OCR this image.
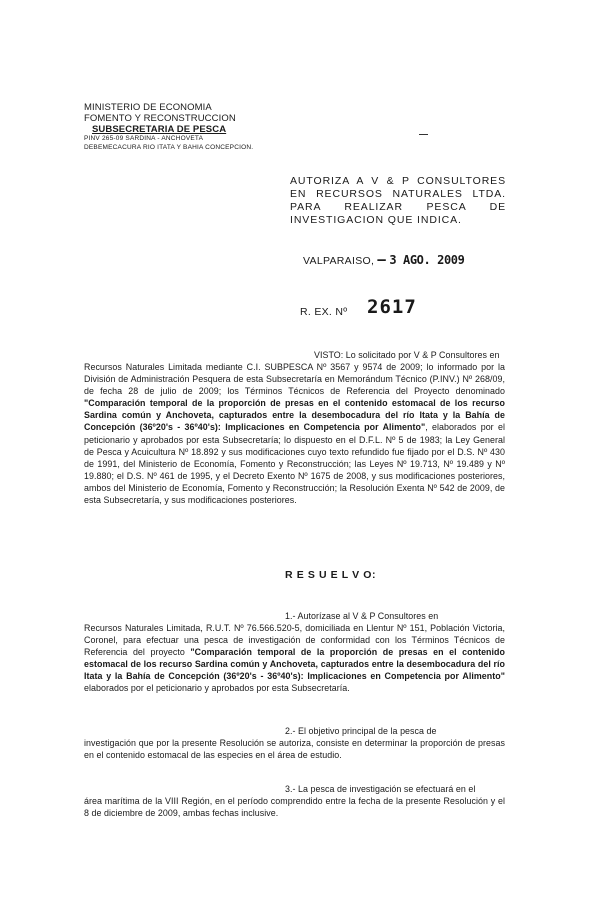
MINISTERIO DE ECONOMIA
FOMENTO Y RECONSTRUCCION
SUBSECRETARIA DE PESCA
PINV 265-09 SARDINA - ANCHOVETA
DEBEMECACURA RIO ITATA Y BAHIA CONCEPCION.
AUTORIZA A V & P CONSULTORES EN RECURSOS NATURALES LTDA. PARA REALIZAR PESCA DE INVESTIGACION QUE INDICA.
VALPARAISO, – 3 AGO. 2009
R. EX. Nº 2617
VISTO: Lo solicitado por V & P Consultores en
Recursos Naturales Limitada mediante C.I. SUBPESCA Nº 3567 y 9574 de 2009; lo informado por la División de Administración Pesquera de esta Subsecretaría en Memorándum Técnico (P.INV.) Nº 268/09, de fecha 28 de julio de 2009; los Términos Técnicos de Referencia del Proyecto denominado "Comparación temporal de la proporción de presas en el contenido estomacal de los recurso Sardina común y Anchoveta, capturados entre la desembocadura del río Itata y la Bahía de Concepción (36º20's - 36º40's): Implicaciones en Competencia por Alimento", elaborados por el peticionario y aprobados por esta Subsecretaría; lo dispuesto en el D.F.L. Nº 5 de 1983; la Ley General de Pesca y Acuicultura Nº 18.892 y sus modificaciones cuyo texto refundido fue fijado por el D.S. Nº 430 de 1991, del Ministerio de Economía, Fomento y Reconstrucción; las Leyes Nº 19.713, Nº 19.489 y Nº 19.880; el D.S. Nº 461 de 1995, y el Decreto Exento Nº 1675 de 2008, y sus modificaciones posteriores, ambos del Ministerio de Economía, Fomento y Reconstrucción; la Resolución Exenta Nº 542 de 2009, de esta Subsecretaría, y sus modificaciones posteriores.
R E S U E L V O:
1.- Autorízase al V & P Consultores en
Recursos Naturales Limitada, R.U.T. Nº 76.566.520-5, domiciliada en Llentur Nº 151, Población Victoria, Coronel, para efectuar una pesca de investigación de conformidad con los Términos Técnicos de Referencia del proyecto "Comparación temporal de la proporción de presas en el contenido estomacal de los recurso Sardina común y Anchoveta, capturados entre la desembocadura del río Itata y la Bahía de Concepción (36º20's - 36º40's): Implicaciones en Competencia por Alimento" elaborados por el peticionario y aprobados por esta Subsecretaría.
2.- El objetivo principal de la pesca de
investigación que por la presente Resolución se autoriza, consiste en determinar la proporción de presas en el contenido estomacal de las especies en el área de estudio.
3.- La pesca de investigación se efectuará en el
área marítima de la VIII Región, en el período comprendido entre la fecha de la presente Resolución y el 8 de diciembre de 2009, ambas fechas inclusive.
